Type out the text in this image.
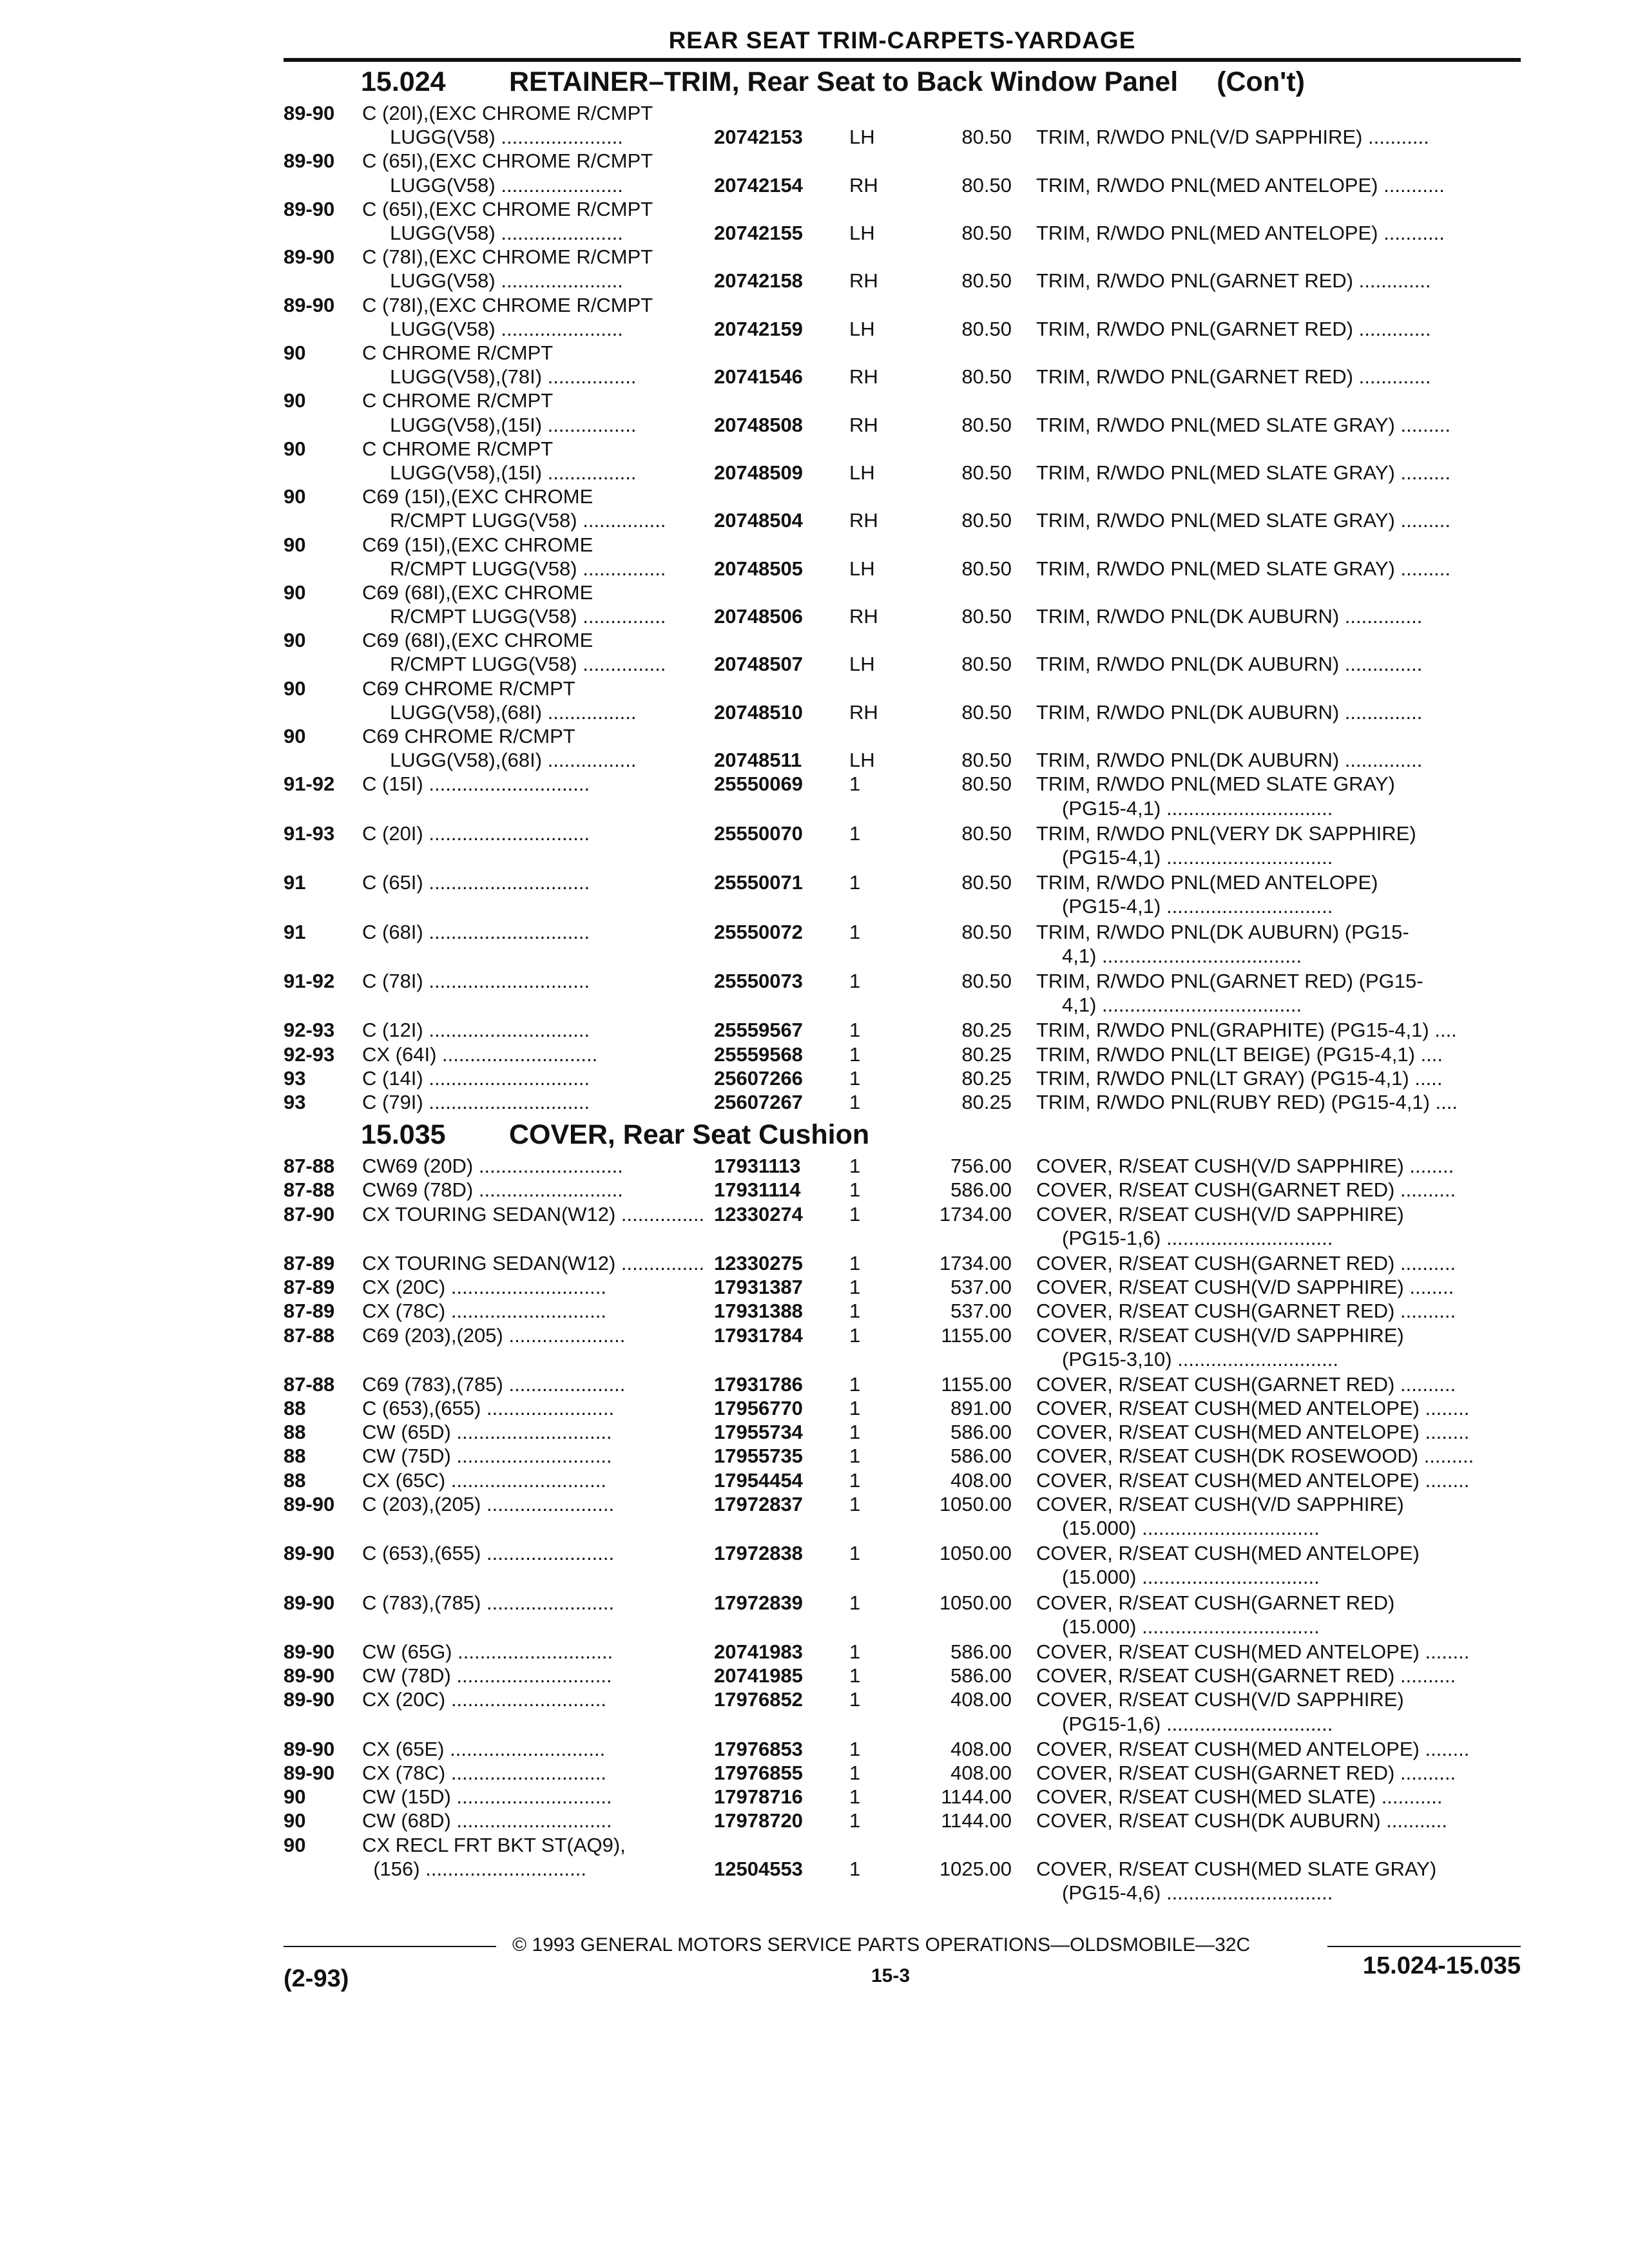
REAR SEAT TRIM-CARPETS-YARDAGE
15.024	RETAINER–TRIM, Rear Seat to Back Window Panel (Con't)
89-90	C (20I),(EXC CHROME R/CMPT
LUGG(V58) ......................	20742153 LH	80.50 TRIM, R/WDO PNL(V/D SAPPHIRE) ...........
89-90	C (65I),(EXC CHROME R/CMPT
LUGG(V58) ......................	20742154 RH	80.50 TRIM, R/WDO PNL(MED ANTELOPE) ...........
89-90	C (65I),(EXC CHROME R/CMPT
LUGG(V58) ......................	20742155 LH	80.50 TRIM, R/WDO PNL(MED ANTELOPE) ...........
89-90	C (78I),(EXC CHROME R/CMPT
LUGG(V58) ......................	20742158 RH	80.50 TRIM, R/WDO PNL(GARNET RED) .............
89-90	C (78I),(EXC CHROME R/CMPT
LUGG(V58) ......................	20742159 LH	80.50 TRIM, R/WDO PNL(GARNET RED) .............
90	C CHROME R/CMPT
LUGG(V58),(78I) ................	20741546 RH	80.50 TRIM, R/WDO PNL(GARNET RED) .............
90	C CHROME R/CMPT
LUGG(V58),(15I) ................	20748508 RH	80.50 TRIM, R/WDO PNL(MED SLATE GRAY) .........
90	C CHROME R/CMPT
LUGG(V58),(15I) ................	20748509 LH	80.50 TRIM, R/WDO PNL(MED SLATE GRAY) .........
90	C69 (15I),(EXC CHROME
R/CMPT LUGG(V58) ...............	20748504 RH	80.50 TRIM, R/WDO PNL(MED SLATE GRAY) .........
90	C69 (15I),(EXC CHROME
R/CMPT LUGG(V58) ...............	20748505 LH	80.50 TRIM, R/WDO PNL(MED SLATE GRAY) .........
90	C69 (68I),(EXC CHROME
R/CMPT LUGG(V58) ...............	20748506 RH	80.50 TRIM, R/WDO PNL(DK AUBURN) ..............
90	C69 (68I),(EXC CHROME
R/CMPT LUGG(V58) ...............	20748507 LH	80.50 TRIM, R/WDO PNL(DK AUBURN) ..............
90	C69 CHROME R/CMPT
LUGG(V58),(68I) ................	20748510 RH	80.50 TRIM, R/WDO PNL(DK AUBURN) ..............
90	C69 CHROME R/CMPT
LUGG(V58),(68I) ................	20748511 LH	80.50 TRIM, R/WDO PNL(DK AUBURN) ..............
91-92	C (15I) .............................	25550069 1	80.50 TRIM, R/WDO PNL(MED SLATE GRAY)
(PG15-4,1) ..............................
91-93	C (20I) .............................	25550070 1	80.50 TRIM, R/WDO PNL(VERY DK SAPPHIRE)
(PG15-4,1) ..............................
91	C (65I) .............................	25550071 1	80.50 TRIM, R/WDO PNL(MED ANTELOPE)
(PG15-4,1) ..............................
91	C (68I) .............................	25550072 1	80.50 TRIM, R/WDO PNL(DK AUBURN) (PG15-
4,1) ....................................
91-92	C (78I) .............................	25550073 1	80.50 TRIM, R/WDO PNL(GARNET RED) (PG15-
4,1) ....................................
92-93	C (12I) .............................	25559567 1	80.25 TRIM, R/WDO PNL(GRAPHITE) (PG15-4,1) ....
92-93	CX (64I) ............................	25559568 1	80.25 TRIM, R/WDO PNL(LT BEIGE) (PG15-4,1) ....
93	C (14I) .............................	25607266 1	80.25 TRIM, R/WDO PNL(LT GRAY) (PG15-4,1) .....
93	C (79I) .............................	25607267 1	80.25 TRIM, R/WDO PNL(RUBY RED) (PG15-4,1) ....
15.035	COVER, Rear Seat Cushion
87-88	CW69 (20D) ..........................	17931113 1	756.00 COVER, R/SEAT CUSH(V/D SAPPHIRE) ........
87-88	CW69 (78D) ..........................	17931114 1	586.00 COVER, R/SEAT CUSH(GARNET RED) ..........
87-90	CX TOURING SEDAN(W12) ............... 12330274 1	1734.00 COVER, R/SEAT CUSH(V/D SAPPHIRE)
(PG15-1,6) ..............................
87-89	CX TOURING SEDAN(W12) ............... 12330275 1	1734.00 COVER, R/SEAT CUSH(GARNET RED) ..........
87-89	CX (20C) ............................	17931387 1	537.00 COVER, R/SEAT CUSH(V/D SAPPHIRE) ........
87-89	CX (78C) ............................	17931388 1	537.00 COVER, R/SEAT CUSH(GARNET RED) ..........
87-88	C69 (203),(205) .....................	17931784 1	1155.00 COVER, R/SEAT CUSH(V/D SAPPHIRE)
(PG15-3,10) .............................
87-88	C69 (783),(785) .....................	17931786 1	1155.00 COVER, R/SEAT CUSH(GARNET RED) ..........
88	C (653),(655) .......................	17956770 1	891.00 COVER, R/SEAT CUSH(MED ANTELOPE) ........
88	CW (65D) ............................	17955734 1	586.00 COVER, R/SEAT CUSH(MED ANTELOPE) ........
88	CW (75D) ............................	17955735 1	586.00 COVER, R/SEAT CUSH(DK ROSEWOOD) .........
88	CX (65C) ............................	17954454 1	408.00 COVER, R/SEAT CUSH(MED ANTELOPE) ........
89-90	C (203),(205) .......................	17972837 1	1050.00 COVER, R/SEAT CUSH(V/D SAPPHIRE)
(15.000) ................................
89-90	C (653),(655) .......................	17972838 1	1050.00 COVER, R/SEAT CUSH(MED ANTELOPE)
(15.000) ................................
89-90	C (783),(785) .......................	17972839 1	1050.00 COVER, R/SEAT CUSH(GARNET RED)
(15.000) ................................
89-90	CW (65G) ............................	20741983 1	586.00 COVER, R/SEAT CUSH(MED ANTELOPE) ........
89-90	CW (78D) ............................	20741985 1	586.00 COVER, R/SEAT CUSH(GARNET RED) ..........
89-90	CX (20C) ............................	17976852 1	408.00 COVER, R/SEAT CUSH(V/D SAPPHIRE)
(PG15-1,6) ..............................
89-90	CX (65E) ............................	17976853 1	408.00 COVER, R/SEAT CUSH(MED ANTELOPE) ........
89-90	CX (78C) ............................	17976855 1	408.00 COVER, R/SEAT CUSH(GARNET RED) ..........
90	CW (15D) ............................	17978716 1	1144.00 COVER, R/SEAT CUSH(MED SLATE) ...........
90	CW (68D) ............................	17978720 1	1144.00 COVER, R/SEAT CUSH(DK AUBURN) ...........
90	CX RECL FRT BKT ST(AQ9),
(156) .............................	12504553 1	1025.00 COVER, R/SEAT CUSH(MED SLATE GRAY)
(PG15-4,6) ..............................
© 1993 GENERAL MOTORS SERVICE PARTS OPERATIONS—OLDSMOBILE—32C
(2-93)	15-3	15.024-15.035
